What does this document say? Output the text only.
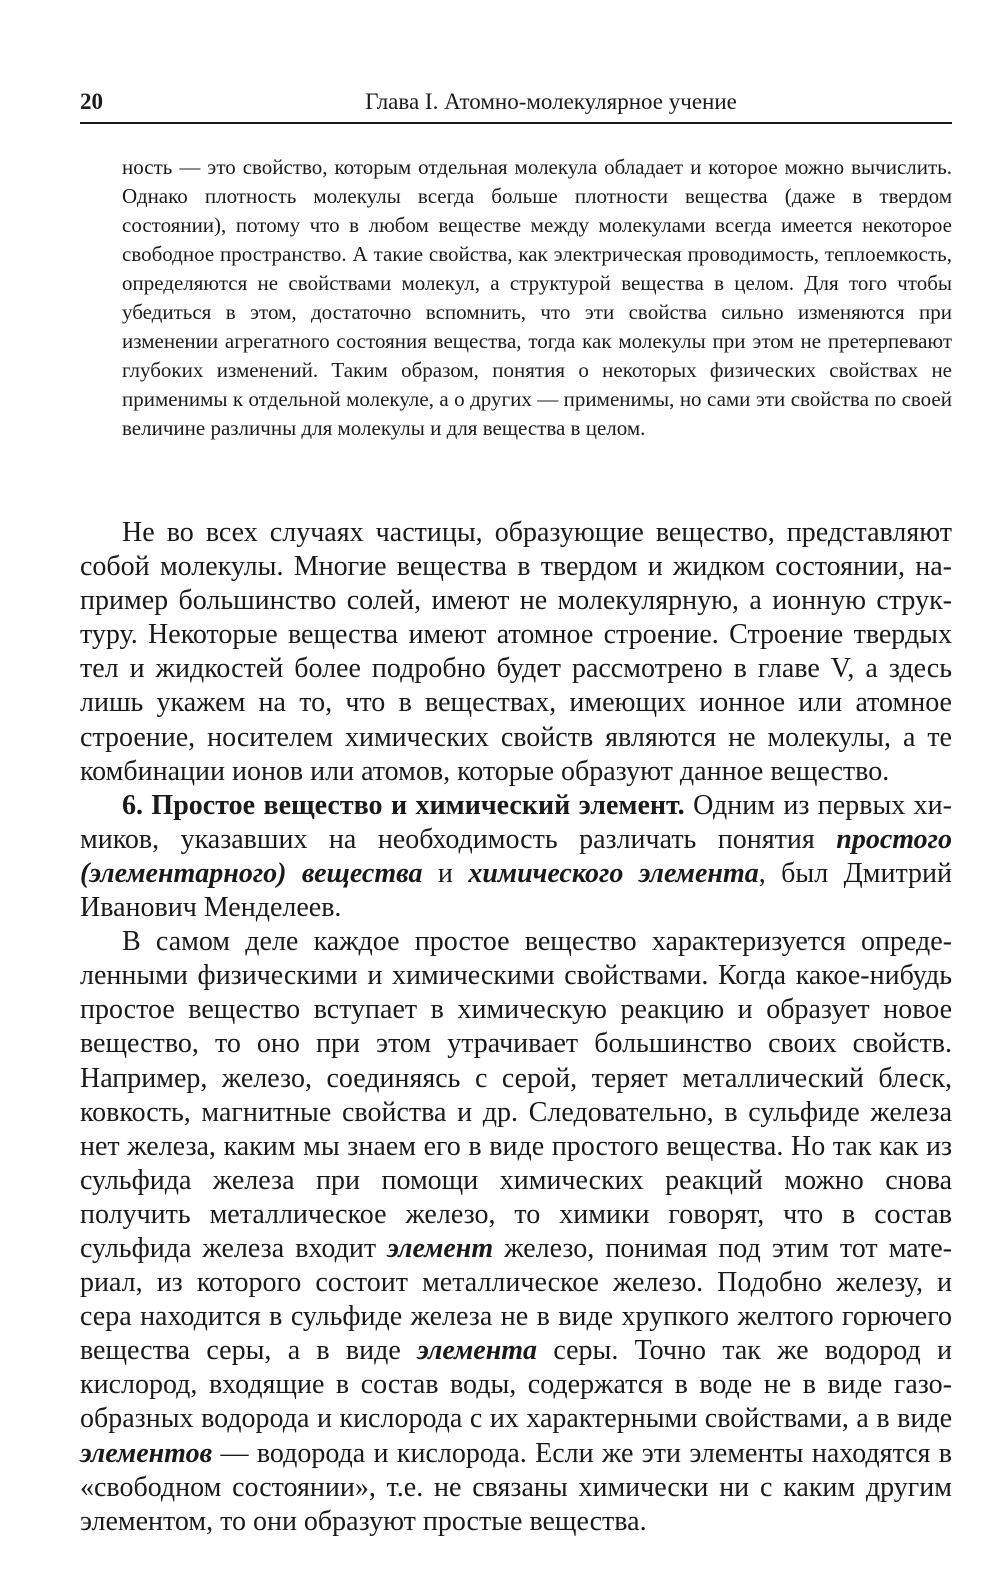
20	Глава I. Атомно-молекулярное учение

ность — это свойство, которым отдельная молекула обладает и которое можно вычислить. Однако плотность молекулы всегда больше плотности вещества (даже в твердом состоянии), потому что в любом веществе между молекулами всегда имеется некоторое свободное пространство. А такие свойства, как электрическая проводимость, теплоемкость, определяются не свойствами молекул, а структурой вещества в целом. Для того чтобы убедиться в этом, достаточно вспомнить, что эти свойства сильно изменяются при изменении агрегатного состояния вещества, тогда как молекулы при этом не претерпевают глубоких изменений. Таким образом, понятия о некоторых физических свойствах не применимы к отдельной молекуле, а о других — применимы, но сами эти свойства по своей величине различны для молекулы и для вещества в целом.

Не во всех случаях частицы, образующие вещество, представляют собой молекулы. Многие вещества в твердом и жидком состоянии, например большинство солей, имеют не молекулярную, а ионную структуру. Некоторые вещества имеют атомное строение. Строение твердых тел и жидкостей более подробно будет рассмотрено в главе V, а здесь лишь укажем на то, что в веществах, имеющих ионное или атомное строение, носителем химических свойств являются не молекулы, а те комбинации ионов или атомов, которые образуют данное вещество.

6. Простое вещество и химический элемент. Одним из первых химиков, указавших на необходимость различать понятия простого (элементарного) вещества и химического элемента, был Дмитрий Иванович Менделеев.

В самом деле каждое простое вещество характеризуется определенными физическими и химическими свойствами. Когда какое-нибудь простое вещество вступает в химическую реакцию и образует новое вещество, то оно при этом утрачивает большинство своих свойств. Например, железо, соединяясь с серой, теряет металлический блеск, ковкость, магнитные свойства и др. Следовательно, в сульфиде железа нет железа, каким мы знаем его в виде простого вещества. Но так как из сульфида железа при помощи химических реакций можно снова получить металлическое железо, то химики говорят, что в состав сульфида железа входит элемент железо, понимая под этим тот материал, из которого состоит металлическое железо. Подобно железу, и сера находится в сульфиде железа не в виде хрупкого желтого горючего вещества серы, а в виде элемента серы. Точно так же водород и кислород, входящие в состав воды, содержатся в воде не в виде газообразных водорода и кислорода с их характерными свойствами, а в виде элементов — водорода и кислорода. Если же эти элементы находятся в «свободном состоянии», т.е. не связаны химически ни с каким другим элементом, то они образуют простые вещества.
